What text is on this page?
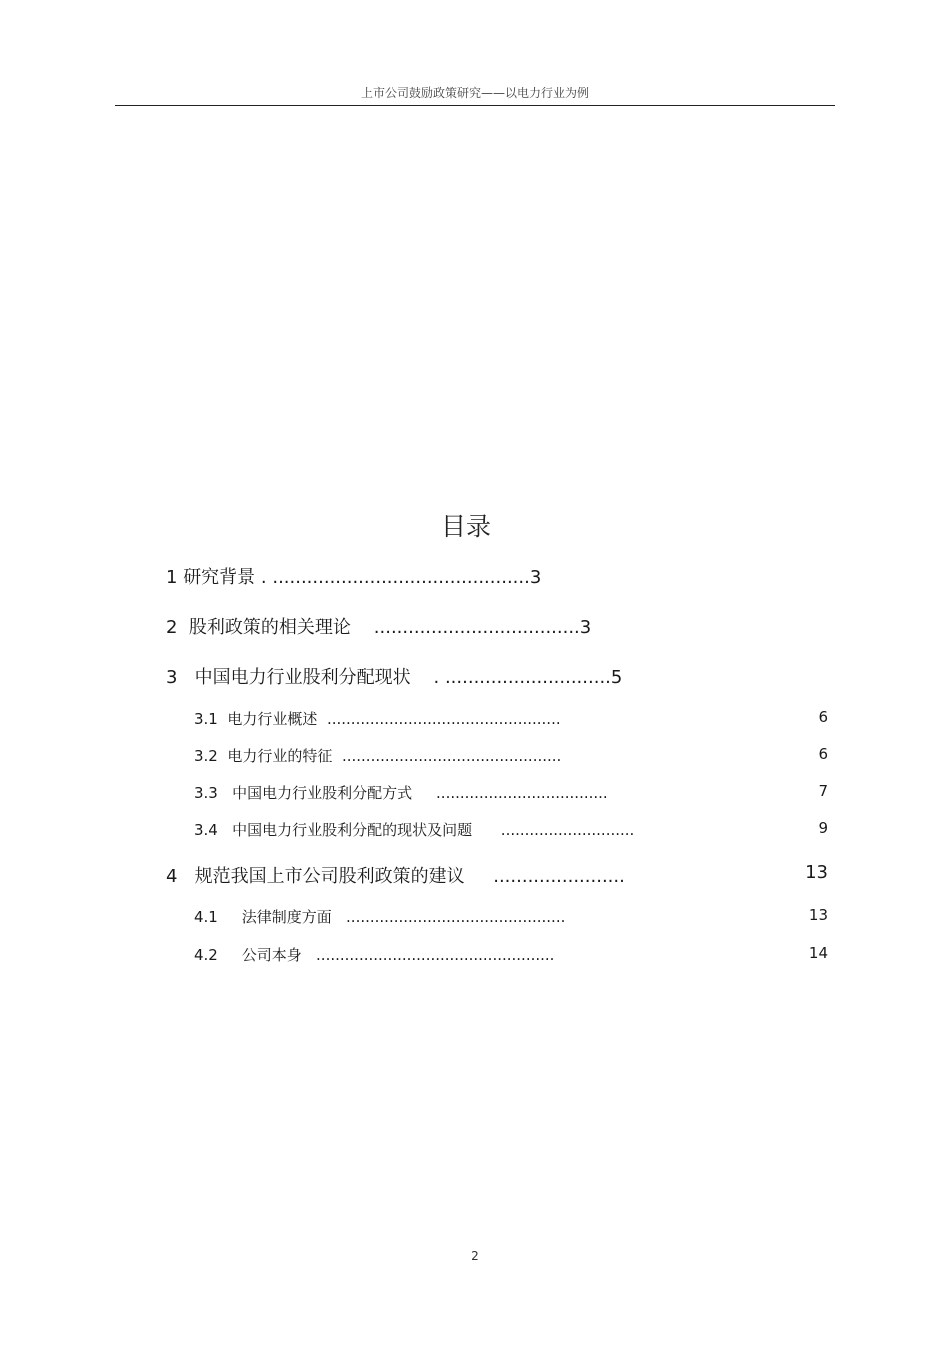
上市公司鼓励政策研究——以电力行业为例
目录
1 研究背景 . .............................................3
2 股利政策的相关理论 ....................................3
3 中国电力行业股利分配现状    . .............................5
3.1 电力行业概述 .................................................	6
3.2 电力行业的特征 ..............................................	6
3.3 中国电力行业股利分配方式 ....................................	7
3.4 中国电力行业股利分配的现状及问题 ............................	9
4 规范我国上市公司股利政策的建议 .......................	13
4.1 法律制度方面 ..............................................	13
4.2 公司本身 ..................................................	14
2
